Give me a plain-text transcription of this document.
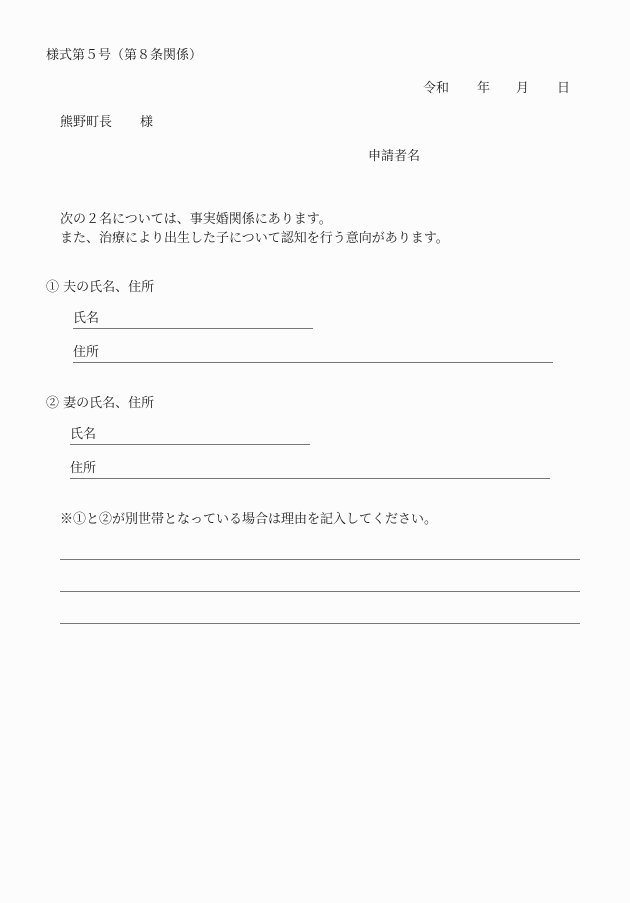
様式第５号（第８条関係）
令和 年 月 日
熊野町長 様
申請者名
次の２名については、事実婚関係にあります。
また、治療により出生した子について認知を行う意向があります。
① 夫の氏名、住所
氏名
住所
② 妻の氏名、住所
氏名
住所
※①と②が別世帯となっている場合は理由を記入してください。
